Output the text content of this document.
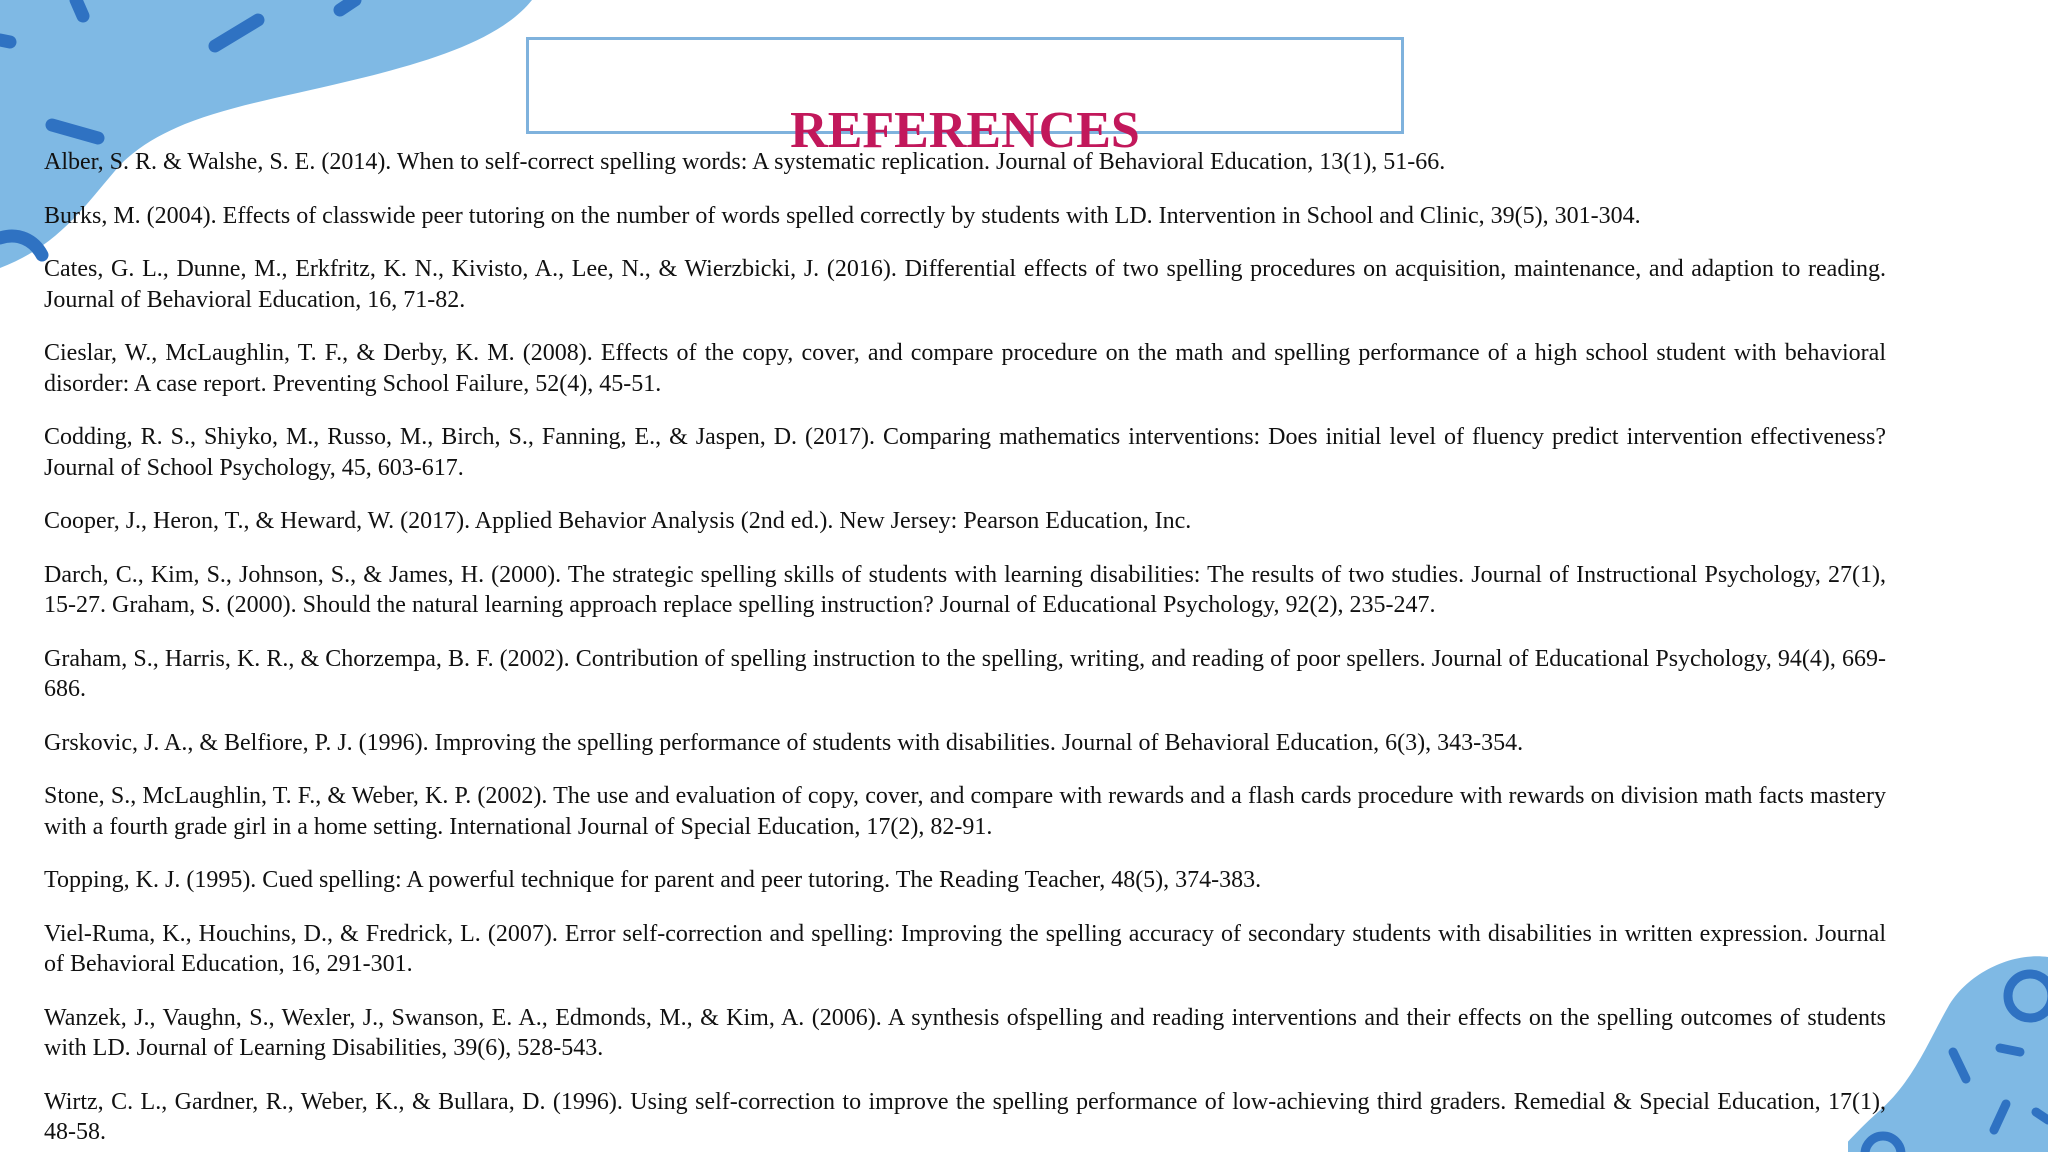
REFERENCES
Alber, S. R. & Walshe, S. E. (2014). When to self-correct spelling words: A systematic replication. Journal of Behavioral Education, 13(1), 51-66.
Burks, M. (2004). Effects of classwide peer tutoring on the number of words spelled correctly by students with LD. Intervention in School and Clinic, 39(5), 301-304.
Cates, G. L., Dunne, M., Erkfritz, K. N., Kivisto, A., Lee, N., & Wierzbicki, J. (2016). Differential effects of two spelling procedures on acquisition, maintenance, and adaption to reading. Journal of Behavioral Education, 16, 71-82.
Cieslar, W., McLaughlin, T. F., & Derby, K. M. (2008). Effects of the copy, cover, and compare procedure on the math and spelling performance of a high school student with behavioral disorder: A case report. Preventing School Failure, 52(4), 45-51.
Codding, R. S., Shiyko, M., Russo, M., Birch, S., Fanning, E., & Jaspen, D. (2017). Comparing mathematics interventions: Does initial level of fluency predict intervention effectiveness? Journal of School Psychology, 45, 603-617.
Cooper, J., Heron, T., & Heward, W. (2017). Applied Behavior Analysis (2nd ed.). New Jersey: Pearson Education, Inc.
Darch, C., Kim, S., Johnson, S., & James, H. (2000). The strategic spelling skills of students with learning disabilities: The results of two studies. Journal of Instructional Psychology, 27(1), 15-27. Graham, S. (2000). Should the natural learning approach replace spelling instruction? Journal of Educational Psychology, 92(2), 235-247.
Graham, S., Harris, K. R., & Chorzempa, B. F. (2002). Contribution of spelling instruction to the spelling, writing, and reading of poor spellers. Journal of Educational Psychology, 94(4), 669-686.
Grskovic, J. A., & Belfiore, P. J. (1996). Improving the spelling performance of students with disabilities. Journal of Behavioral Education, 6(3), 343-354.
Stone, S., McLaughlin, T. F., & Weber, K. P. (2002). The use and evaluation of copy, cover, and compare with rewards and a flash cards procedure with rewards on division math facts mastery with a fourth grade girl in a home setting. International Journal of Special Education, 17(2), 82-91.
Topping, K. J. (1995). Cued spelling: A powerful technique for parent and peer tutoring. The Reading Teacher, 48(5), 374-383.
Viel-Ruma, K., Houchins, D., & Fredrick, L. (2007). Error self-correction and spelling: Improving the spelling accuracy of secondary students with disabilities in written expression. Journal of Behavioral Education, 16, 291-301.
Wanzek, J., Vaughn, S., Wexler, J., Swanson, E. A., Edmonds, M., & Kim, A. (2006). A synthesis ofspelling and reading interventions and their effects on the spelling outcomes of students with LD. Journal of Learning Disabilities, 39(6), 528-543.
Wirtz, C. L., Gardner, R., Weber, K., & Bullara, D. (1996). Using self-correction to improve the spelling performance of low-achieving third graders. Remedial & Special Education, 17(1), 48-58.
